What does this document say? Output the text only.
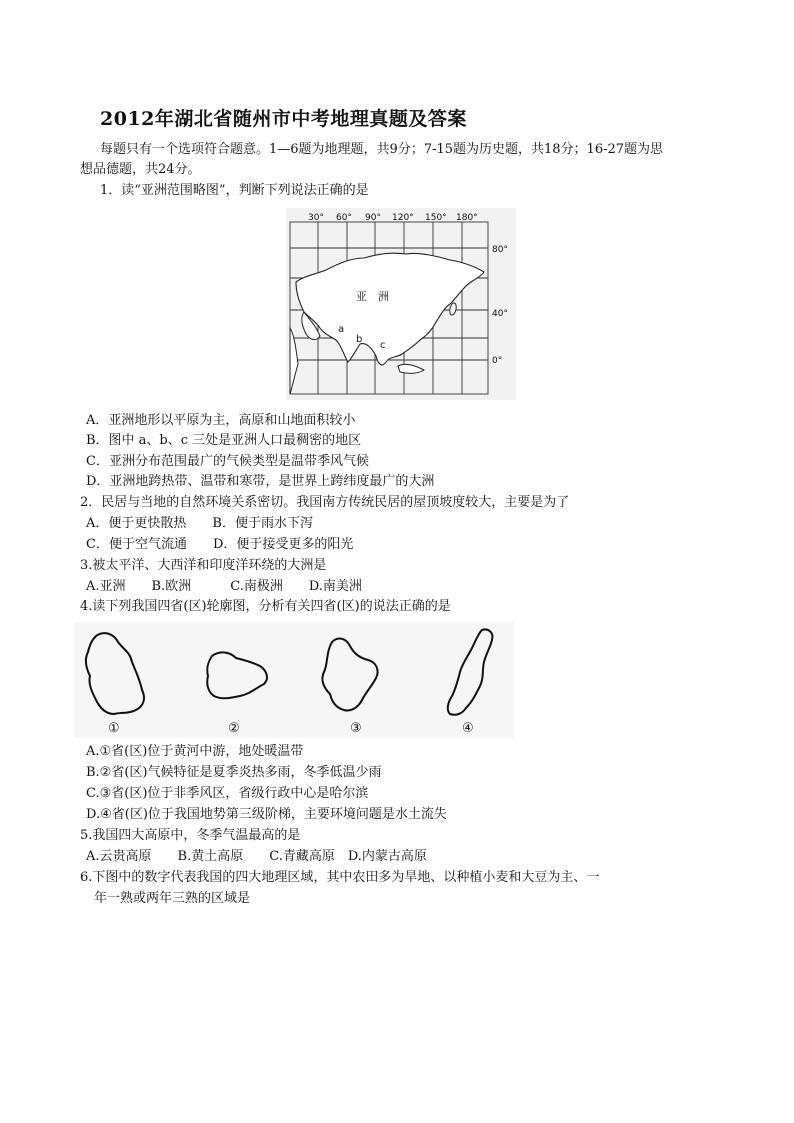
2012年湖北省随州市中考地理真题及答案
每题只有一个选项符合题意。1—6题为地理题，共9分；7-15题为历史题，共18分；16-27题为思
想品德题，共24分。
1．读“亚洲范围略图”，判断下列说法正确的是
30° 60° 90° 120° 150° 180°
80°
40°
0°
亚　洲
a
b
c
A．亚洲地形以平原为主，高原和山地面积较小
B．图中 a、b、c 三处是亚洲人口最稠密的地区
C．亚洲分布范围最广的气候类型是温带季风气候
D．亚洲地跨热带、温带和寒带，是世界上跨纬度最广的大洲
2．民居与当地的自然环境关系密切。我国南方传统民居的屋顶坡度较大，主要是为了
A．便于更快散热　　B．便于雨水下泻
C．便于空气流通　　D．便于接受更多的阳光
3.被太平洋、大西洋和印度洋环绕的大洲是
A.亚洲　　B.欧洲　　　C.南极洲　　D.南美洲
4.读下列我国四省(区)轮廓图，分析有关四省(区)的说法正确的是
①	②	③	④
A.①省(区)位于黄河中游，地处暖温带
B.②省(区)气候特征是夏季炎热多雨，冬季低温少雨
C.③省(区)位于非季风区，省级行政中心是哈尔滨
D.④省(区)位于我国地势第三级阶梯，主要环境问题是水土流失
5.我国四大高原中，冬季气温最高的是
A.云贵高原　　B.黄土高原　　C.青藏高原　D.内蒙古高原
6.下图中的数字代表我国的四大地理区域，其中农田多为旱地、以种植小麦和大豆为主、一
年一熟或两年三熟的区域是
